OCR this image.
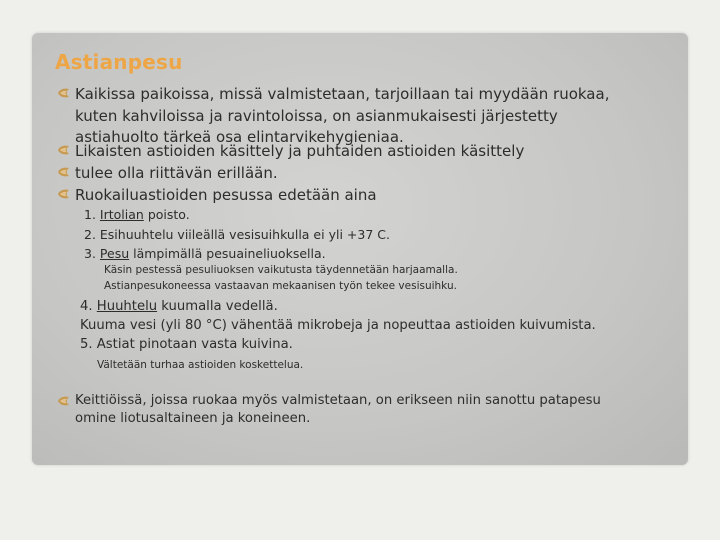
Astianpesu
Kaikissa paikoissa, missä valmistetaan, tarjoillaan tai myydään ruokaa,
kuten kahviloissa ja ravintoloissa, on asianmukaisesti järjestetty
astiahuolto tärkeä osa elintarvikehygieniaa.
Likaisten astioiden käsittely ja puhtaiden astioiden käsittely
tulee olla riittävän erillään.
Ruokailuastioiden pesussa edetään aina
1. Irtolian poisto.
2. Esihuuhtelu viileällä vesisuihkulla ei yli +37 C.
3. Pesu lämpimällä pesuaineliuoksella.
Käsin pestessä pesuliuoksen vaikutusta täydennetään harjaamalla.
Astianpesukoneessa vastaavan mekaanisen työn tekee vesisuihku.
4. Huuhtelu kuumalla vedellä.
Kuuma vesi (yli 80 °C) vähentää mikrobeja ja nopeuttaa astioiden kuivumista.
5. Astiat pinotaan vasta kuivina.
Vältetään turhaa astioiden koskettelua.
Keittiöissä, joissa ruokaa myös valmistetaan, on erikseen niin sanottu patapesu
omine liotusaltaineen ja koneineen.
